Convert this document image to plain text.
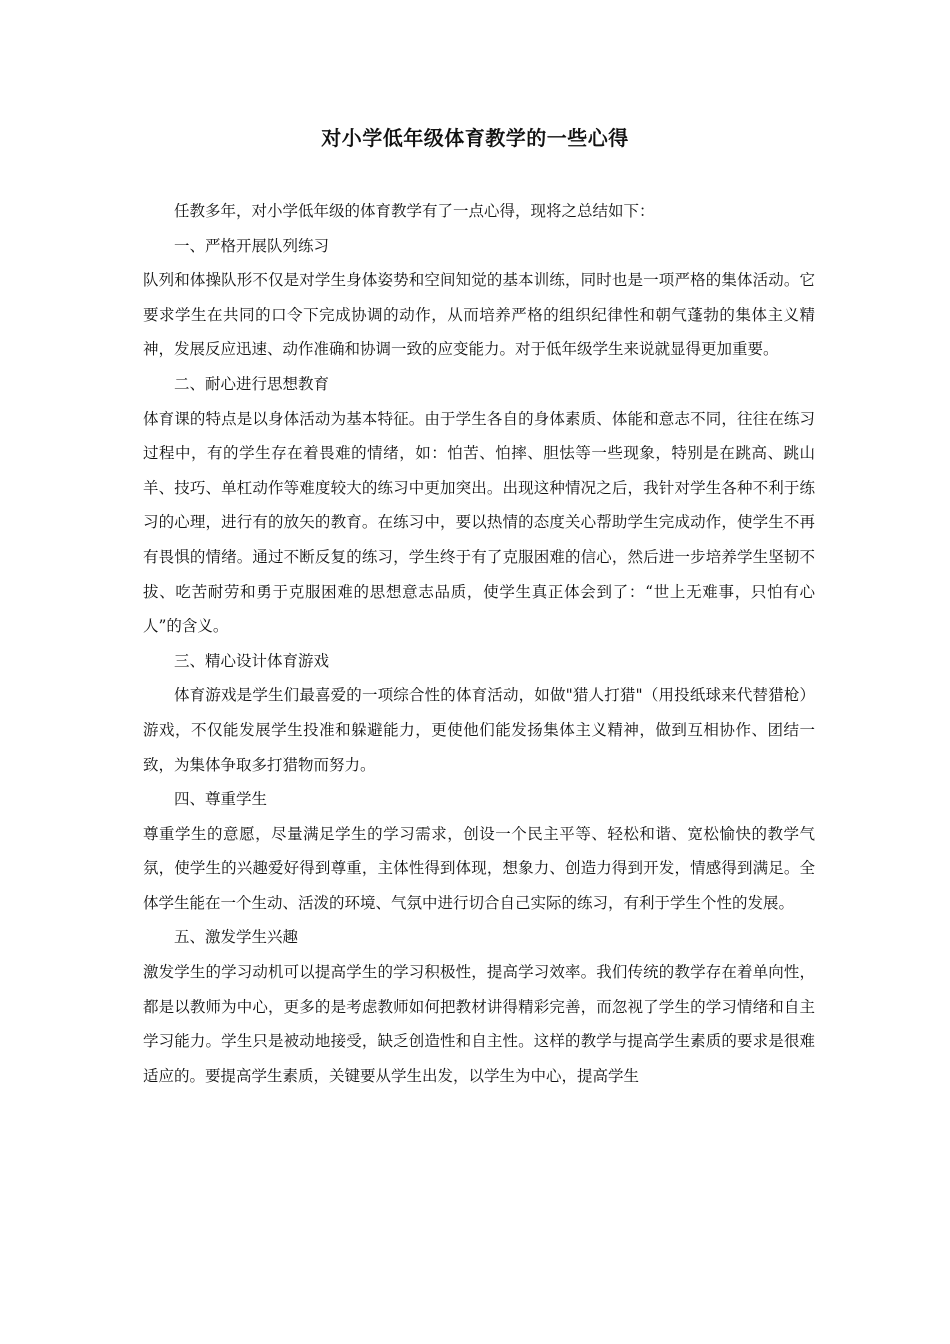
对小学低年级体育教学的一些心得

任教多年，对小学低年级的体育教学有了一点心得，现将之总结如下：

一、严格开展队列练习

队列和体操队形不仅是对学生身体姿势和空间知觉的基本训练，同时也是一项严格的集体活动。它要求学生在共同的口令下完成协调的动作，从而培养严格的组织纪律性和朝气蓬勃的集体主义精神，发展反应迅速、动作准确和协调一致的应变能力。对于低年级学生来说就显得更加重要。

二、耐心进行思想教育

体育课的特点是以身体活动为基本特征。由于学生各自的身体素质、体能和意志不同，往往在练习过程中，有的学生存在着畏难的情绪，如：怕苦、怕摔、胆怯等一些现象，特别是在跳高、跳山羊、技巧、单杠动作等难度较大的练习中更加突出。出现这种情况之后，我针对学生各种不利于练习的心理，进行有的放矢的教育。在练习中，要以热情的态度关心帮助学生完成动作，使学生不再有畏惧的情绪。通过不断反复的练习，学生终于有了克服困难的信心，然后进一步培养学生坚韧不拔、吃苦耐劳和勇于克服困难的思想意志品质，使学生真正体会到了：“世上无难事，只怕有心人”的含义。

三、精心设计体育游戏

体育游戏是学生们最喜爱的一项综合性的体育活动，如做"猎人打猎"（用投纸球来代替猎枪）游戏，不仅能发展学生投准和躲避能力，更使他们能发扬集体主义精神，做到互相协作、团结一致，为集体争取多打猎物而努力。

四、尊重学生

尊重学生的意愿，尽量满足学生的学习需求，创设一个民主平等、轻松和谐、宽松愉快的教学气氛，使学生的兴趣爱好得到尊重，主体性得到体现，想象力、创造力得到开发，情感得到满足。全体学生能在一个生动、活泼的环境、气氛中进行切合自己实际的练习，有利于学生个性的发展。

五、激发学生兴趣

激发学生的学习动机可以提高学生的学习积极性，提高学习效率。我们传统的教学存在着单向性，都是以教师为中心，更多的是考虑教师如何把教材讲得精彩完善，而忽视了学生的学习情绪和自主学习能力。学生只是被动地接受，缺乏创造性和自主性。这样的教学与提高学生素质的要求是很难适应的。要提高学生素质，关键要从学生出发，以学生为中心，提高学生
